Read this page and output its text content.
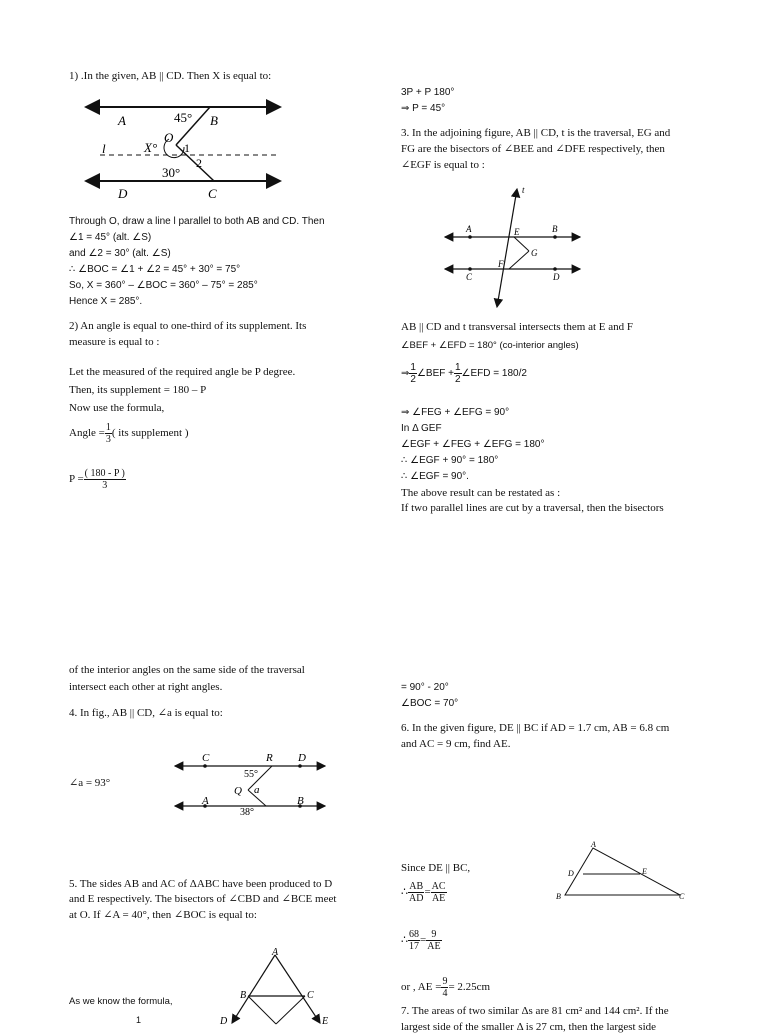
1) .In the given, AB || CD. Then X is equal to:
A	B
45°
O
X°
l	1
2
30°
D	C
Through O, draw a line l parallel to both AB and CD. Then
∠1 = 45° (alt. ∠S)
and ∠2 = 30° (alt. ∠S)
∴ ∠BOC = ∠1 + ∠2 = 45° + 30° = 75°
So, X = 360° – ∠BOC = 360° – 75° = 285°
Hence X = 285°.
2) An angle is equal to one-third of its supplement. Its
measure is equal to :
Let the measured of the required angle be P degree.
Then, its supplement = 180 – P
Now use the formula,
Angle = $\frac{1}{3}$ ( its supplement )
$P = \frac{( 180 - P )}{3}$
3P + P 180°
⇒ P = 45°
3. In the adjoining figure, AB || CD, t is the traversal, EG and
FG are the bisectors of ∠BEE and ∠DFE respectively, then
∠EGF is equal to :
t
A	B
E
G
F
C	D
AB || CD and t transversal intersects them at E and F
∠BEF + ∠EFD = 180° (co-interior angles)
⇒ $\frac{1}{2}$ ∠BEF + $\frac{1}{2}$ ∠EFD = 180/2
⇒ ∠FEG + ∠EFG = 90°
In Δ GEF
∠EGF + ∠FEG + ∠EFG = 180°
∴ ∠EGF + 90° = 180°
∴ ∠EGF = 90°.
The above result can be restated as :
If two parallel lines are cut by a traversal, then the bisectors
of the interior angles on the same side of the traversal
intersect each other at right angles.
4. In fig., AB || CD, ∠a is equal to:
∠a = 93°
C	R D
55°
Q a
A
38°
B
5. The sides AB and AC of ΔABC have been produced to D
and E respectively. The bisectors of ∠CBD and ∠BCE meet
at O. If ∠A = 40°, then ∠BOC is equal to:
A
B	C
D	E
As we know the formula,
1
= 90° - 20°
∠BOC = 70°
6. In the given figure, DE || BC if AD = 1.7 cm, AB = 6.8 cm
and AC = 9 cm, find AE.
Since DE || BC,
∴ $\frac{AB}{AD} = \frac{AC}{AE}$
∴ $\frac{68}{17} = \frac{9}{AE}$
or , AE = $\frac{9}{4} = 2.25cm$
7. The areas of two similar Δs are 81 cm² and 144 cm². If the
largest side of the smaller Δ is 27 cm, then the largest side
A
D	E
B	C
